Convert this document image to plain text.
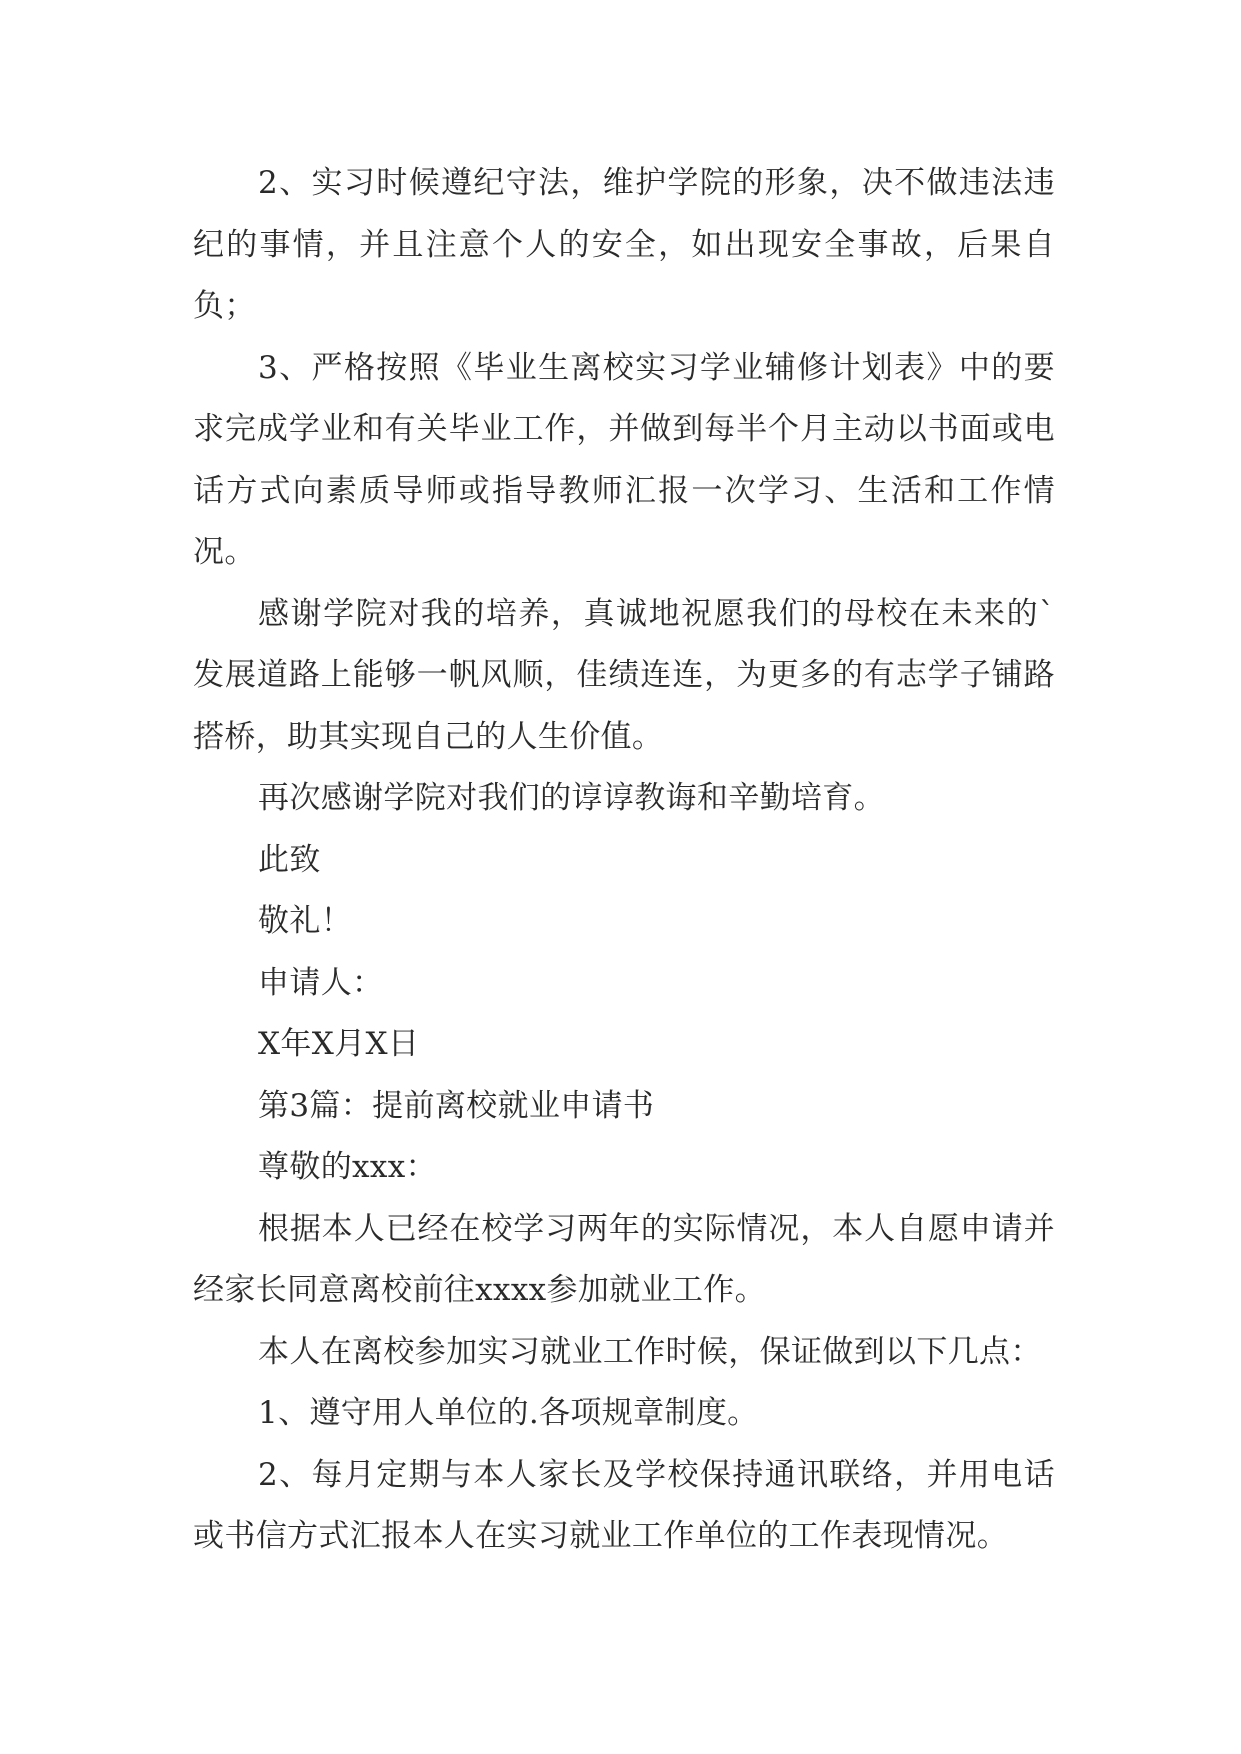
2、实习时候遵纪守法，维护学院的形象，决不做违法违纪的事情，并且注意个人的安全，如出现安全事故，后果自负；

3、严格按照《毕业生离校实习学业辅修计划表》中的要求完成学业和有关毕业工作，并做到每半个月主动以书面或电话方式向素质导师或指导教师汇报一次学习、生活和工作情况。

感谢学院对我的培养，真诚地祝愿我们的母校在未来的`发展道路上能够一帆风顺，佳绩连连，为更多的有志学子铺路搭桥，助其实现自己的人生价值。

再次感谢学院对我们的谆谆教诲和辛勤培育。

此致

敬礼！

申请人：

X年X月X日

第3篇：提前离校就业申请书

尊敬的xxx：

根据本人已经在校学习两年的实际情况，本人自愿申请并经家长同意离校前往xxxx参加就业工作。

本人在离校参加实习就业工作时候，保证做到以下几点：

1、遵守用人单位的.各项规章制度。

2、每月定期与本人家长及学校保持通讯联络，并用电话或书信方式汇报本人在实习就业工作单位的工作表现情况。
